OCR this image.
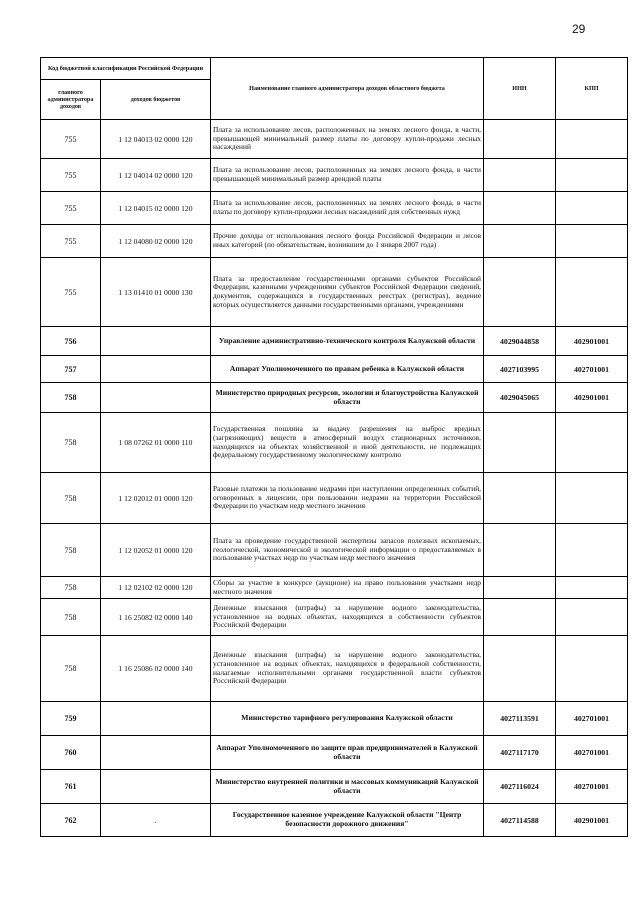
29
Код бюджетной классификации Российской Федерации		Наименование главного администратора доходов областного бюджета	ИНН	КПП
главного администратора доходов	доходов бюджетов			
755	1 12 04013 02 0000 120	Плата за использование лесов, расположенных на землях лесного фонда, в части, превышающей минимальный размер платы по договору купли-продажи лесных насаждений		
755	1 12 04014 02 0000 120	Плата за использование лесов, расположенных на землях лесного фонда, в части превышающей минимальный размер арендной платы		
755	1 12 04015 02 0000 120	Плата за использование лесов, расположенных на землях лесного фонда, в части платы по договору купли-продажи лесных насаждений для собственных нужд		
755	1 12 04080 02 0000 120	Прочие доходы от использования лесного фонда Российской Федерации и лесов иных категорий (по обязательствам, возникшим до 1 января 2007 года)		
755	1 13 01410 01 0000 130	Плата за предоставление государственными органами субъектов Российской Федерации, казенными учреждениями субъектов Российской Федерации сведений, документов, содержащихся в государственных реестрах (регистрах), ведение которых осуществляется данными государственными органами, учреждениями		
756		Управление административно-технического контроля Калужской области	4029044858	402901001
757		Аппарат Уполномоченного по правам ребенка в Калужской области	4027103995	402701001
758		Министерство природных ресурсов, экологии и благоустройства Калужской области	4029045065	402901001
758	1 08 07262 01 0000 110	Государственная пошлина за выдачу разрешения на выброс вредных (загрязняющих) веществ в атмосферный воздух стационарных источников, находящихся на объектах хозяйственной и иной деятельности, не подлежащих федеральному государственному экологическому контролю		
758	1 12 02012 01 0000 120	Разовые платежи за пользование недрами при наступлении определенных событий, оговоренных в лицензии, при пользовании недрами на территории Российской Федерации по участкам недр местного значения		
758	1 12 02052 01 0000 120	Плата за проведение государственной экспертизы запасов полезных ископаемых, геологической, экономической и экологической информации о предоставляемых в пользование участках недр по участкам недр местного значения		
758	1 12 02102 02 0000 120	Сборы за участие в конкурсе (аукционе) на право пользования участками недр местного значения		
758	1 16 25082 02 0000 140	Денежные взыскания (штрафы) за нарушение водного законодательства, установленное на водных объектах, находящихся в собственности субъектов Российской Федерации		
758	1 16 25086 02 0000 140	Денежные взыскания (штрафы) за нарушение водного законодательства, установленное на водных объектах, находящихся в федеральной собственности, налагаемые исполнительными органами государственной власти субъектов Российской Федерации		
759		Министерство тарифного регулирования Калужской области	4027113591	402701001
760		Аппарат Уполномоченного по защите прав предпринимателей в Калужской области	4027117170	402701001
761		Министерство внутренней политики и массовых коммуникаций Калужской области	4027116024	402701001
762	.	Государственное казенное учреждение Калужской области "Центр безопасности дорожного движения"	4027114588	402901001
